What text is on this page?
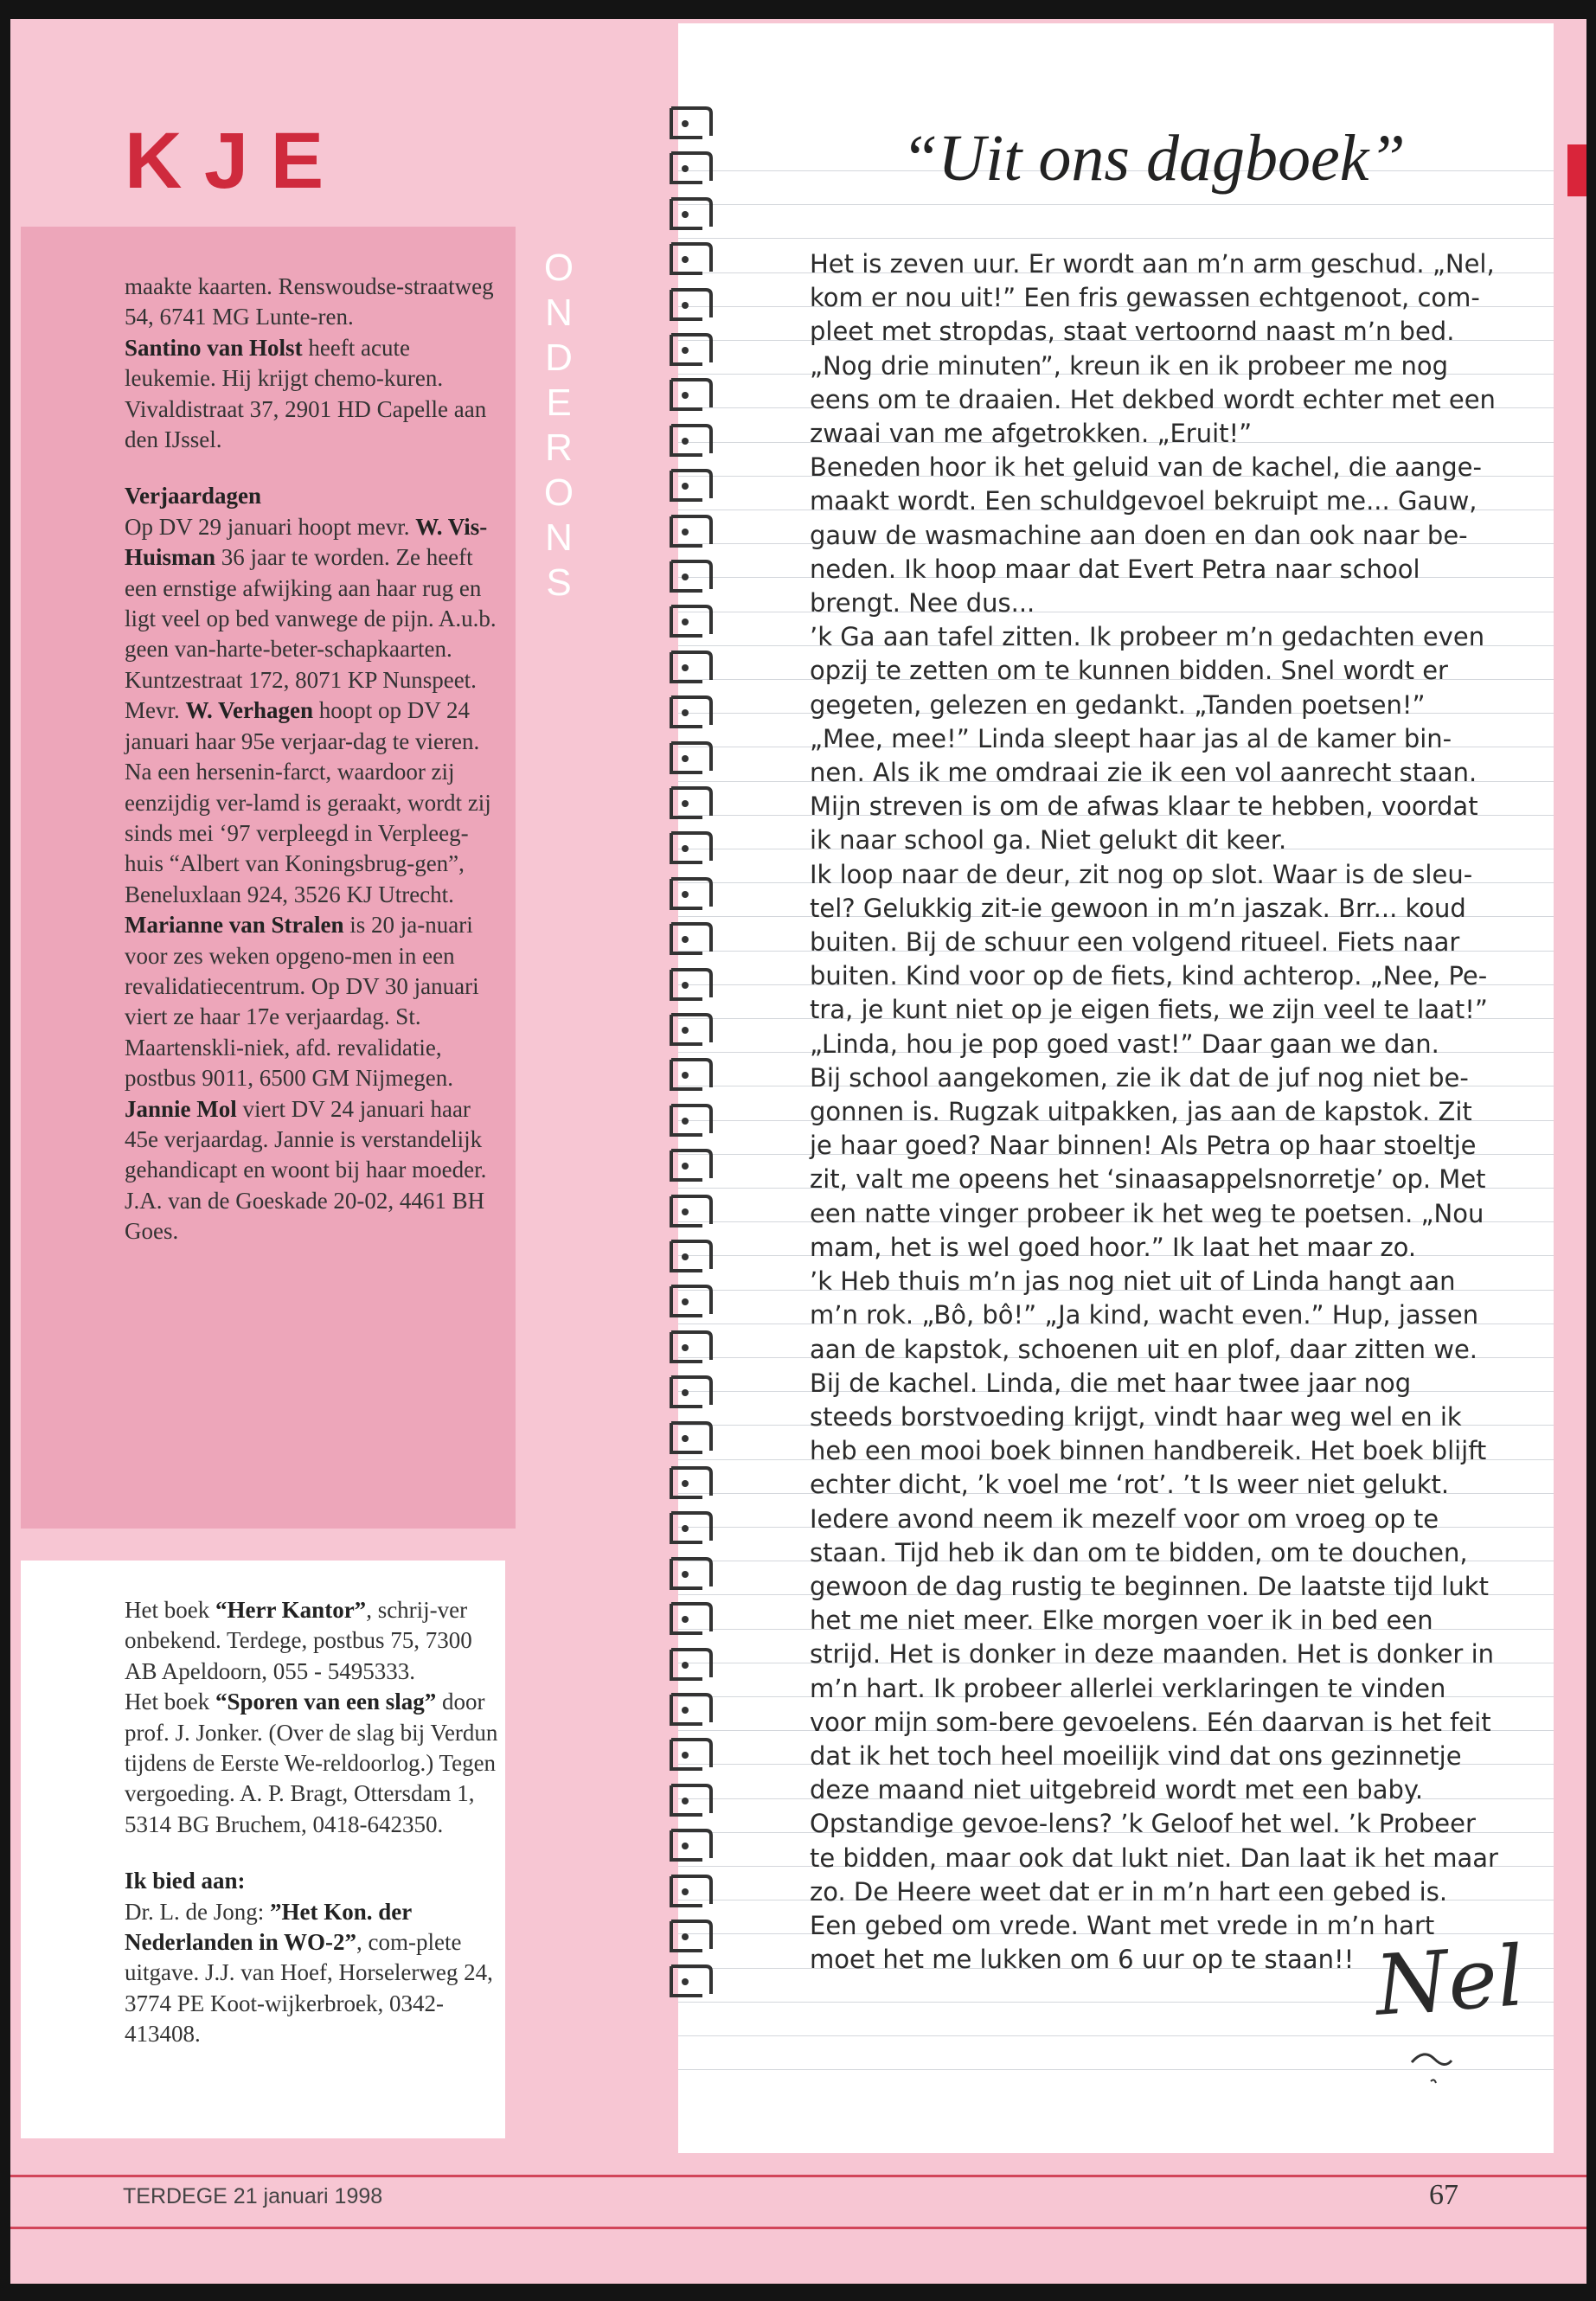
K J E
O
N
D
E
R
O
N
S

maakte kaarten. Renswoudse-straatweg 54, 6741 MG Lunte-ren.

Santino van Holst heeft acute leukemie. Hij krijgt chemo-kuren. Vivaldistraat 37, 2901 HD Capelle aan den IJssel.

Verjaardagen

Op DV 29 januari hoopt mevr. W. Vis-Huisman 36 jaar te worden. Ze heeft een ernstige afwijking aan haar rug en ligt veel op bed vanwege de pijn. A.u.b. geen van-harte-beter-schapkaarten. Kuntzestraat 172, 8071 KP Nunspeet.

Mevr. W. Verhagen hoopt op DV 24 januari haar 95e verjaar-dag te vieren. Na een hersenin-farct, waardoor zij eenzijdig ver-lamd is geraakt, wordt zij sinds mei ‘97 verpleegd in Verpleeg-huis “Albert van Koningsbrug-gen”, Beneluxlaan 924, 3526 KJ Utrecht.

Marianne van Stralen is 20 ja-nuari voor zes weken opgeno-men in een revalidatiecentrum. Op DV 30 januari viert ze haar 17e verjaardag. St. Maartenskli-niek, afd. revalidatie, postbus 9011, 6500 GM Nijmegen.

Jannie Mol viert DV 24 januari haar 45e verjaardag. Jannie is verstandelijk gehandicapt en woont bij haar moeder. J.A. van de Goeskade 20-02, 4461 BH Goes.

Het boek “Herr Kantor”, schrij-ver onbekend. Terdege, postbus 75, 7300 AB Apeldoorn, 055 - 5495333.

Het boek “Sporen van een slag” door prof. J. Jonker. (Over de slag bij Verdun tijdens de Eerste We-reldoorlog.) Tegen vergoeding. A. P. Bragt, Ottersdam 1, 5314 BG Bruchem, 0418-642350.

Ik bied aan:

Dr. L. de Jong: ”Het Kon. der Nederlanden in WO-2”, com-plete uitgave. J.J. van Hoef, Horselerweg 24, 3774 PE Koot-wijkerbroek, 0342-413408.

“Uit ons dagboek”

Het is zeven uur. Er wordt aan m’n arm geschud. „Nel, kom er nou uit!” Een fris gewassen echtgenoot, com-pleet met stropdas, staat vertoornd naast m’n bed. „Nog drie minuten”, kreun ik en ik probeer me nog eens om te draaien. Het dekbed wordt echter met een zwaai van me afgetrokken. „Eruit!”

Beneden hoor ik het geluid van de kachel, die aange-maakt wordt. Een schuldgevoel bekruipt me... Gauw, gauw de wasmachine aan doen en dan ook naar be-neden. Ik hoop maar dat Evert Petra naar school brengt. Nee dus...

’k Ga aan tafel zitten. Ik probeer m’n gedachten even opzij te zetten om te kunnen bidden. Snel wordt er gegeten, gelezen en gedankt. „Tanden poetsen!” „Mee, mee!” Linda sleept haar jas al de kamer bin-nen. Als ik me omdraai zie ik een vol aanrecht staan. Mijn streven is om de afwas klaar te hebben, voordat ik naar school ga. Niet gelukt dit keer.

Ik loop naar de deur, zit nog op slot. Waar is de sleu-tel? Gelukkig zit-ie gewoon in m’n jaszak. Brr... koud buiten. Bij de schuur een volgend ritueel. Fiets naar buiten. Kind voor op de fiets, kind achterop. „Nee, Pe-tra, je kunt niet op je eigen fiets, we zijn veel te laat!” „Linda, hou je pop goed vast!” Daar gaan we dan.

Bij school aangekomen, zie ik dat de juf nog niet be-gonnen is. Rugzak uitpakken, jas aan de kapstok. Zit je haar goed? Naar binnen! Als Petra op haar stoeltje zit, valt me opeens het ‘sinaasappelsnorretje’ op. Met een natte vinger probeer ik het weg te poetsen. „Nou mam, het is wel goed hoor.” Ik laat het maar zo.

’k Heb thuis m’n jas nog niet uit of Linda hangt aan m’n rok. „Bô, bô!” „Ja kind, wacht even.” Hup, jassen aan de kapstok, schoenen uit en plof, daar zitten we. Bij de kachel. Linda, die met haar twee jaar nog steeds borstvoeding krijgt, vindt haar weg wel en ik heb een mooi boek binnen handbereik. Het boek blijft echter dicht, ’k voel me ‘rot’. ’t Is weer niet gelukt. Iedere avond neem ik mezelf voor om vroeg op te staan. Tijd heb ik dan om te bidden, om te douchen, gewoon de dag rustig te beginnen. De laatste tijd lukt het me niet meer. Elke morgen voer ik in bed een strijd. Het is donker in deze maanden. Het is donker in m’n hart. Ik probeer allerlei verklaringen te vinden voor mijn som-bere gevoelens. Eén daarvan is het feit dat ik het toch heel moeilijk vind dat ons gezinnetje deze maand niet uitgebreid wordt met een baby. Opstandige gevoe-lens? ’k Geloof het wel. ’k Probeer te bidden, maar ook dat lukt niet. Dan laat ik het maar zo. De Heere weet dat er in m’n hart een gebed is. Een gebed om vrede. Want met vrede in m’n hart moet het me lukken om 6 uur op te staan!! Nel
TERDEGE 21 januari 1998	67
